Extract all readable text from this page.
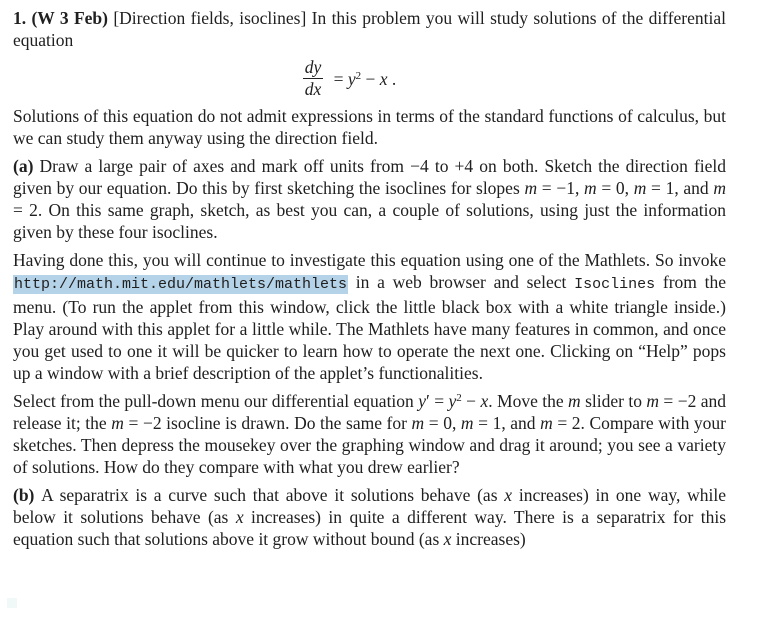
1. (W 3 Feb) [Direction fields, isoclines] In this problem you will study solutions of the differential equation

$\frac{dy}{dx} = y^2 - x$ .

Solutions of this equation do not admit expressions in terms of the standard functions of calculus, but we can study them anyway using the direction field.

(a) Draw a large pair of axes and mark off units from −4 to +4 on both. Sketch the direction field given by our equation. Do this by first sketching the isoclines for slopes m = −1, m = 0, m = 1, and m = 2. On this same graph, sketch, as best you can, a couple of solutions, using just the information given by these four isoclines.

Having done this, you will continue to investigate this equation using one of the Mathlets. So invoke http://math.mit.edu/mathlets/mathlets in a web browser and select Isoclines from the menu. (To run the applet from this window, click the little black box with a white triangle inside.) Play around with this applet for a little while. The Mathlets have many features in common, and once you get used to one it will be quicker to learn how to operate the next one. Clicking on “Help” pops up a window with a brief description of the applet’s functionalities.

Select from the pull-down menu our differential equation $y' = y^2 - x$. Move the m slider to m = −2 and release it; the m = −2 isocline is drawn. Do the same for m = 0, m = 1, and m = 2. Compare with your sketches. Then depress the mousekey over the graphing window and drag it around; you see a variety of solutions. How do they compare with what you drew earlier?

(b) A separatrix is a curve such that above it solutions behave (as x increases) in one way, while below it solutions behave (as x increases) in quite a different way. There is a separatrix for this equation such that solutions above it grow without bound (as x increases)
